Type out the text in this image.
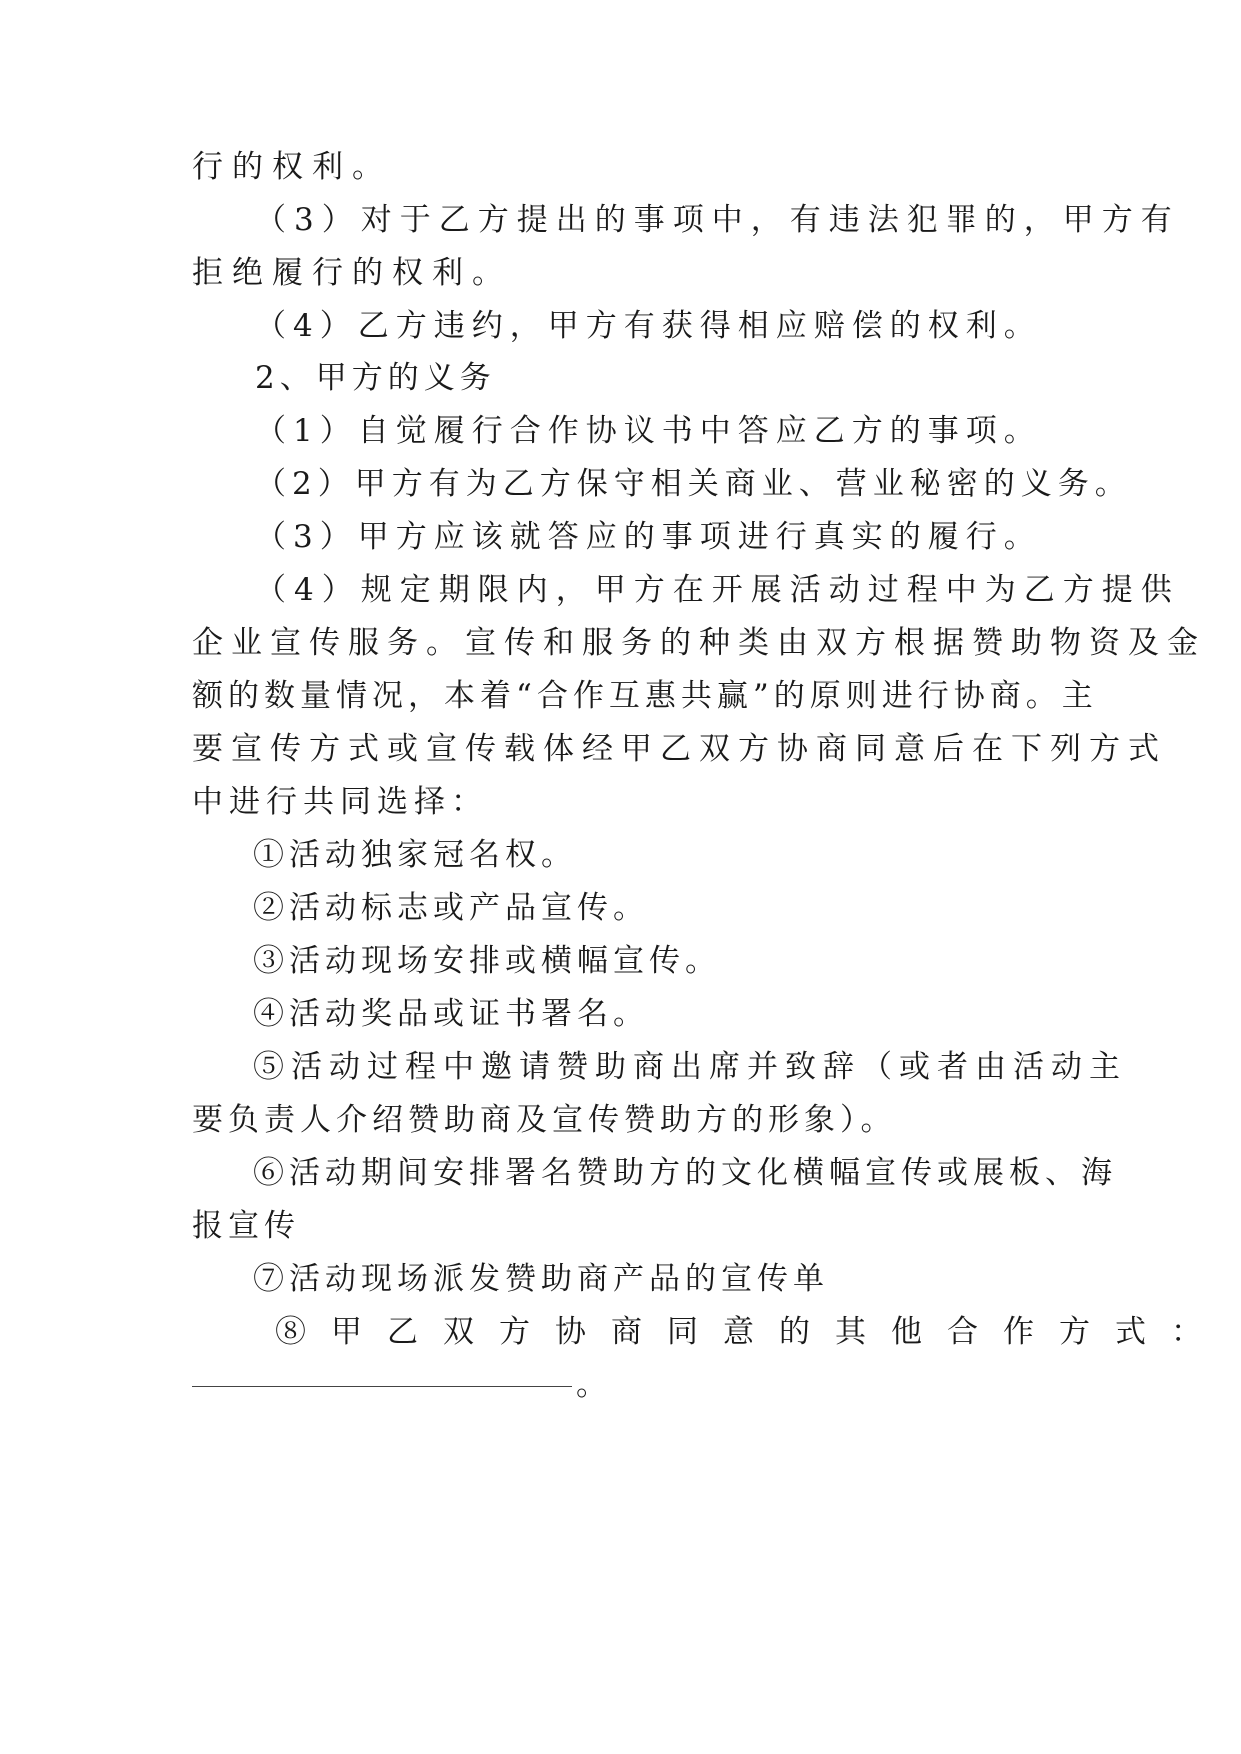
行的权利。
（3）对于乙方提出的事项中，有违法犯罪的，甲方有
拒绝履行的权利。
（4）乙方违约，甲方有获得相应赔偿的权利。
2、甲方的义务
（1）自觉履行合作协议书中答应乙方的事项。
（2）甲方有为乙方保守相关商业、营业秘密的义务。
（3）甲方应该就答应的事项进行真实的履行。
（4）规定期限内，甲方在开展活动过程中为乙方提供
企业宣传服务。宣传和服务的种类由双方根据赞助物资及金
额的数量情况，本着“合作互惠共赢”的原则进行协商。主
要宣传方式或宣传载体经甲乙双方协商同意后在下列方式
中进行共同选择：
①活动独家冠名权。
②活动标志或产品宣传。
③活动现场安排或横幅宣传。
④活动奖品或证书署名。
⑤活动过程中邀请赞助商出席并致辞（或者由活动主
要负责人介绍赞助商及宣传赞助方的形象）。
⑥活动期间安排署名赞助方的文化横幅宣传或展板、海
报宣传
⑦活动现场派发赞助商产品的宣传单
⑧甲乙双方协商同意的其他合作方式：
。
